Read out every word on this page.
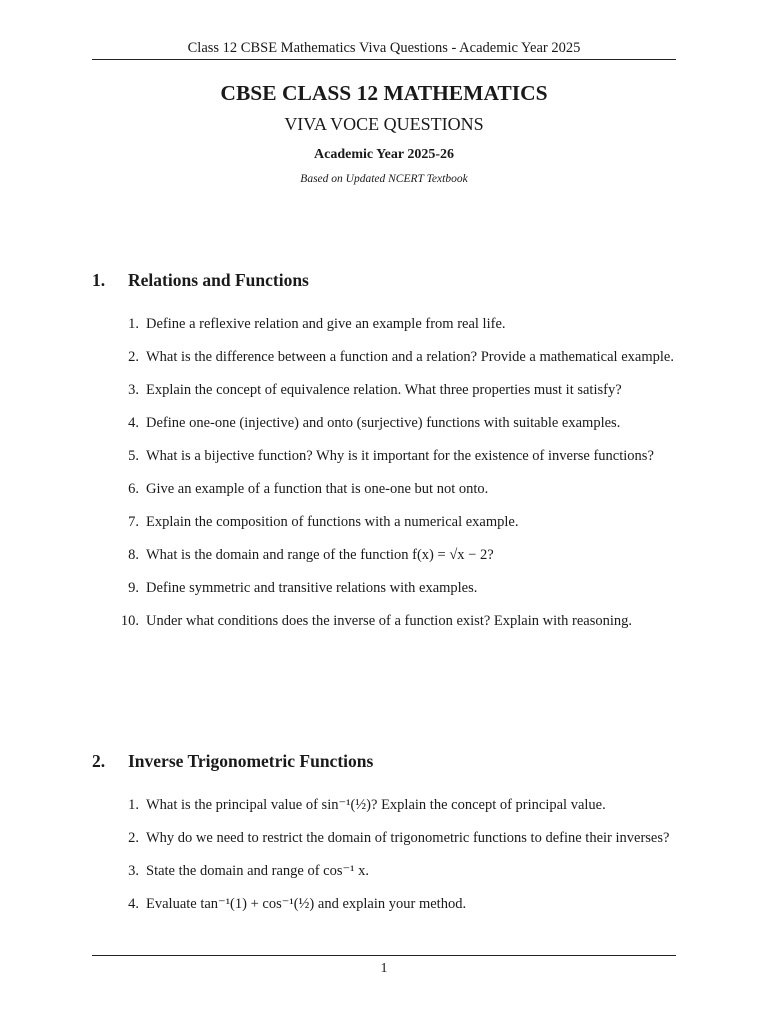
Class 12 CBSE Mathematics Viva Questions - Academic Year 2025
CBSE CLASS 12 MATHEMATICS
VIVA VOCE QUESTIONS
Academic Year 2025-26
Based on Updated NCERT Textbook
1.	Relations and Functions
1. Define a reflexive relation and give an example from real life.
2. What is the difference between a function and a relation? Provide a mathematical example.
3. Explain the concept of equivalence relation. What three properties must it satisfy?
4. Define one-one (injective) and onto (surjective) functions with suitable examples.
5. What is a bijective function? Why is it important for the existence of inverse functions?
6. Give an example of a function that is one-one but not onto.
7. Explain the composition of functions with a numerical example.
8. What is the domain and range of the function f(x) = √x − 2?
9. Define symmetric and transitive relations with examples.
10. Under what conditions does the inverse of a function exist? Explain with reasoning.
2.	Inverse Trigonometric Functions
1. What is the principal value of sin⁻¹(½)? Explain the concept of principal value.
2. Why do we need to restrict the domain of trigonometric functions to define their inverses?
3. State the domain and range of cos⁻¹ x.
4. Evaluate tan⁻¹(1) + cos⁻¹(½) and explain your method.
1
